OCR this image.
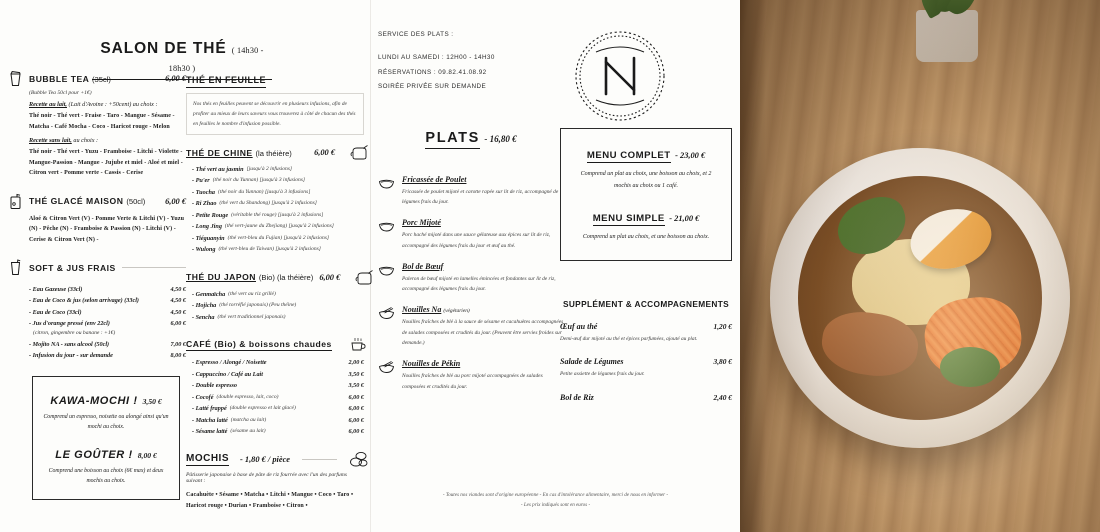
SALON DE THÉ ( 14h30 - 18h30 )
BUBBLE TEA (35cl)	6,00 €
(Bubble Tea 50cl pour +1€)
Recette au lait, (Lait d'Avoine : +50cent) au choix :
Thé noir - Thé vert - Fraise - Taro - Mangue - Sésame - Matcha - Café Mocha - Coco - Haricot rouge - Melon
Recette sans lait, au choix :
Thé noir - Thé vert - Yuzu - Framboise - Litchi - Violette - Mangue-Passion - Mangue - Jujube et miel - Aloé et miel - Citron vert - Pomme verte - Cassis - Cerise
THÉ GLACÉ MAISON (50cl) 6,00 €
Aloé & Citron Vert (V) - Pomme Verte & Litchi (V) - Yuzu (N) - Pêche (N) - Framboise & Passion (N) - Litchi (V) - Cerise & Citron Vert (N) -
SOFT & JUS FRAIS
- Eau Gazeuse (33cl)	4,50 €
- Eau de Coco & jus (selon arrivage) (33cl)	4,50 €
- Eau de Coco (33cl)	4,50 €
- Jus d'orange pressé (env 22cl)	6,00 €
(citron, gingembre ou banane : +1€)
- Mojito NA - sans alcool (50cl)	7,00 €
- Infusion du jour - sur demande	8,00 €
KAWA-MOCHI ! 3,50 €
Comprend un espresso, noisette ou alongé ainsi qu'un mochi au choix.
LE GOÛTER ! 8,00 €
Comprend une boisson au choix (6€ max) et deux mochis au choix.
THÉ EN FEUILLE
Nos thés en feuilles peuvent se découvrir en plusieurs infusions, afin de profiter au mieux de leurs saveurs vous trouverez à côté de chacun des thés en feuilles le nombre d'infusion possible.
THÉ DE CHINE (la théière)	6,00 €
- Thé vert au jasmin [jusqu'à 2 infusions]
- Pu'er (thé noir du Yunnan) [jusqu'à 3 infusions]
- Tuocha (thé noir du Yunnan) [jusqu'à 3 infusions]
- Ri Zhao (thé vert du Shandong) [jusqu'à 2 infusions]
- Petite Rouge (véritable thé rouge) [jusqu'à 2 infusions]
- Long Jing (thé vert-jaune du Zhejiang) [jusqu'à 2 infusions]
- Tiéguanyin (thé vert-bleu du Fujian) [jusqu'à 2 infusions]
- Wulong (thé vert-bleu de Taiwan) [jusqu'à 2 infusions]
THÉ DU JAPON (Bio) (la théière) 6,00 €
- Genmaïcha (thé vert au riz grillé)
- Hojicha (thé torréfié japonais) (Peu théine)
- Sencha (thé vert traditionnel japonais)
CAFÉ (Bio) & boissons chaudes
- Espresso / Alongé / Noisette	2,00 €
- Cappuccino / Café au Lait	3,50 €
- Double espresso	3,50 €
- Cocofé (double espresso, lait, coco)	6,00 €
- Latté frappé (double espresso et lait glacé)	6,00 €
- Matcha latté (matcha au lait)	6,00 €
- Sésame latté (sésame au lait)	6,00 €
MOCHIS - 1,80 € / pièce
Pâtisserie japonaise à base de pâte de riz fourrée avec l'un des parfums suivant :
Cacahuète • Sésame • Matcha • Litchi • Mangue • Coco • Taro • Haricot rouge • Durian • Framboise • Citron •
SERVICE DES PLATS :
LUNDI AU SAMEDI : 12H00 - 14H30
RÉSERVATIONS : 09.82.41.08.92
SOIRÉE PRIVÉE SUR DEMANDE
PLATS - 16,80 €
Fricassée de Poulet
Fricassée de poulet mijoté et carotte rapée sur lit de riz, accompagné de légumes frais du jour.
Porc Mijoté
Porc haché mijoté dans une sauce gélateuse aux épices sur lit de riz, accompagné des légumes frais du jour et œuf au thé.
Bol de Bœuf
Paleron de bœuf mijoté en lamelles émincées et fondantes sur lit de riz, accompagné des légumes frais du jour.
Nouilles Na (végétarien)
Nouilles fraîches de blé à la sauce de sésame et cacahuètes accompagnées de salades composées et crudités du jour. (Peuvent être servies froides sur demande.)
Nouilles de Pékin
Nouilles fraîches de blé au porc mijoté accompagnées de salades composées et crudités du jour.
MENU COMPLET - 23,00 €
Comprend un plat au choix, une boisson au choix, et 2 mochis au choix ou 1 café.
MENU SIMPLE - 21,00 €
Comprend un plat au choix, et une boisson au choix.
SUPPLÉMENT & ACCOMPAGNEMENTS
Œuf au thé	1,20 €
Demi-œuf dur mijoté au thé et épices parfumées, ajouté au plat.
Salade de Légumes	3,80 €
Petite assiette de légumes frais du jour.
Bol de Riz	2,40 €
- Toutes nos viandes sont d'origine européenne - En cas d'intolérance alimentaire, merci de nous en informer -
- Les prix indiqués sont en euros -
